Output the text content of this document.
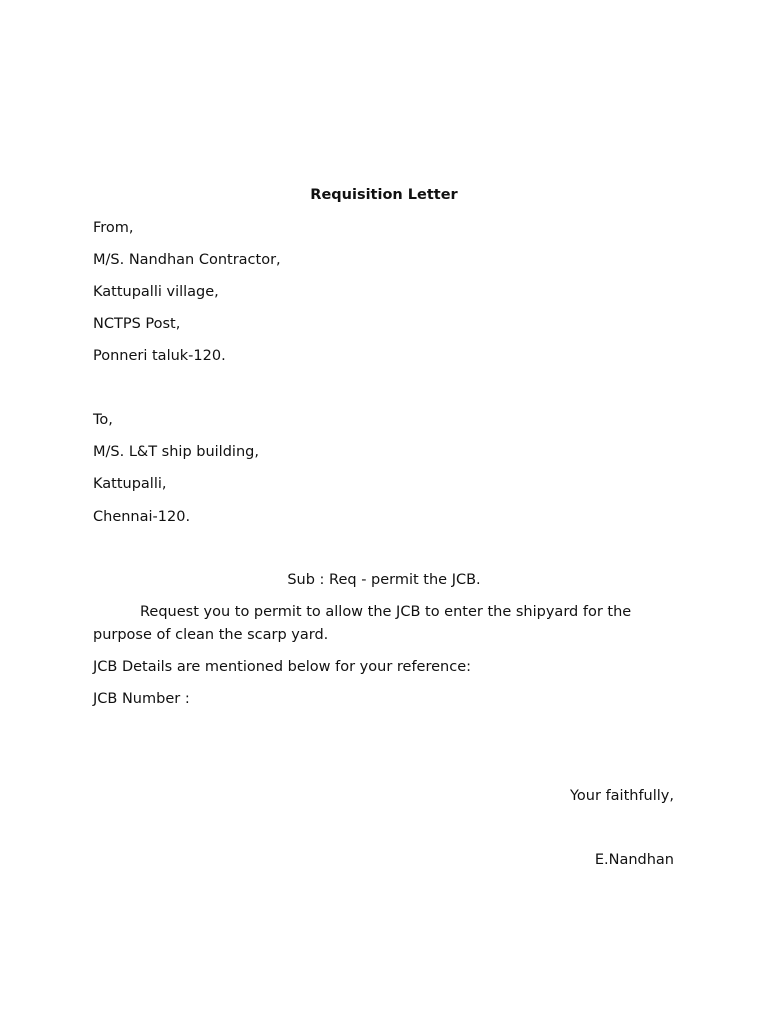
Requisition Letter

From,

M/S. Nandhan Contractor,

Kattupalli village,

NCTPS Post,

Ponneri taluk-120.

To,

M/S. L&T ship building,

Kattupalli,

Chennai-120.

Sub : Req - permit the JCB.

Request you to permit to allow the JCB to enter the shipyard for the

purpose of clean the scarp yard.

JCB Details are mentioned below for your reference:

JCB Number :

Your faithfully,

E.Nandhan
